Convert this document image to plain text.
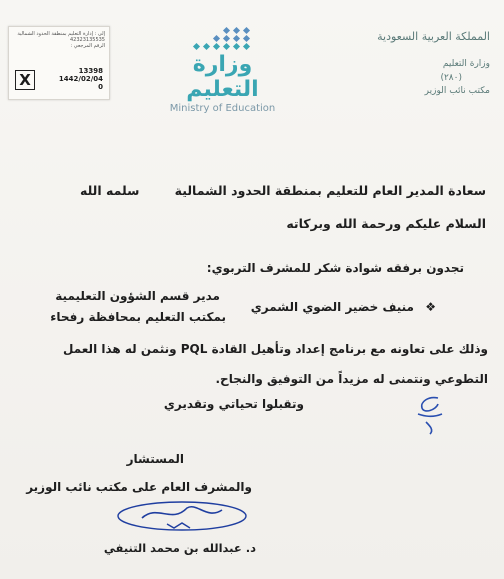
إلى : إدارة التعليم بمنطقة الحدود الشمالية
42323135535
الرقم المرجعي :
X	13398
1442/02/04
0
وزارة التعليم
Ministry of Education
المملكة العربية السعودية
وزارة التعليم
(٢٨٠)
مكتب نائب الوزير
سعادة المدير العام للتعليم بمنطقة الحدود الشمالية
سلمه الله
السلام عليكم ورحمة الله وبركاته
تجدون برفقه شوادة شكر للمشرف التربوي:
❖
منيف خضير الضوي الشمري
مدير قسم الشؤون التعليمية
بمكتب التعليم بمحافظة رفحاء
وذلك على تعاونه مع برنامج إعداد وتأهيل القادة PQL ونثمن له هذا العمل
التطوعي ونتمنى له مزيداً من التوفيق والنجاح.
وتقبلوا تحياتي وتقديري
المستشار
والمشرف العام على مكتب نائب الوزير
د. عبدالله بن محمد التنيفي
